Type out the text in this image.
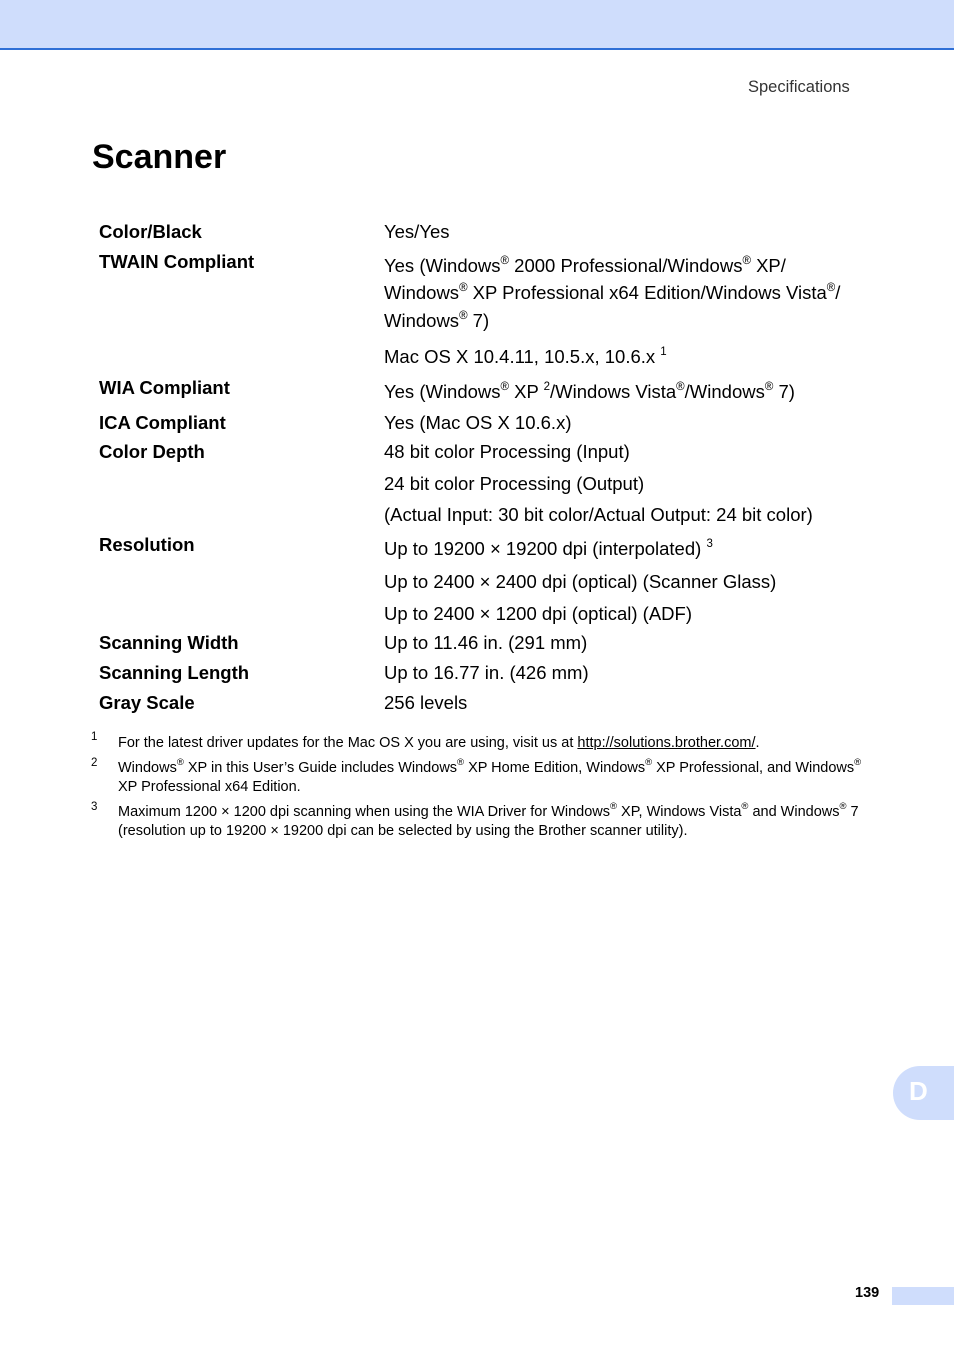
Specifications
Scanner
Color/Black	Yes/Yes
TWAIN Compliant	Yes (Windows® 2000 Professional/Windows® XP/
Windows® XP Professional x64 Edition/Windows Vista®/
Windows® 7)
Mac OS X 10.4.11, 10.5.x, 10.6.x $^1$
WIA Compliant	Yes (Windows® XP $^2$/Windows Vista®/Windows® 7)
ICA Compliant	Yes (Mac OS X 10.6.x)
Color Depth	48 bit color Processing (Input)
24 bit color Processing (Output)
(Actual Input: 30 bit color/Actual Output: 24 bit color)
Resolution	Up to 19200 × 19200 dpi (interpolated) $^3$
Up to 2400 × 2400 dpi (optical) (Scanner Glass)
Up to 2400 × 1200 dpi (optical) (ADF)
Scanning Width	Up to 11.46 in. (291 mm)
Scanning Length	Up to 16.77 in. (426 mm)
Gray Scale	256 levels
1 For the latest driver updates for the Mac OS X you are using, visit us at http://solutions.brother.com/.
2 Windows® XP in this User’s Guide includes Windows® XP Home Edition, Windows® XP Professional, and Windows®
XP Professional x64 Edition.
3 Maximum 1200 × 1200 dpi scanning when using the WIA Driver for Windows® XP, Windows Vista® and Windows® 7
(resolution up to 19200 × 19200 dpi can be selected by using the Brother scanner utility).
D
139
